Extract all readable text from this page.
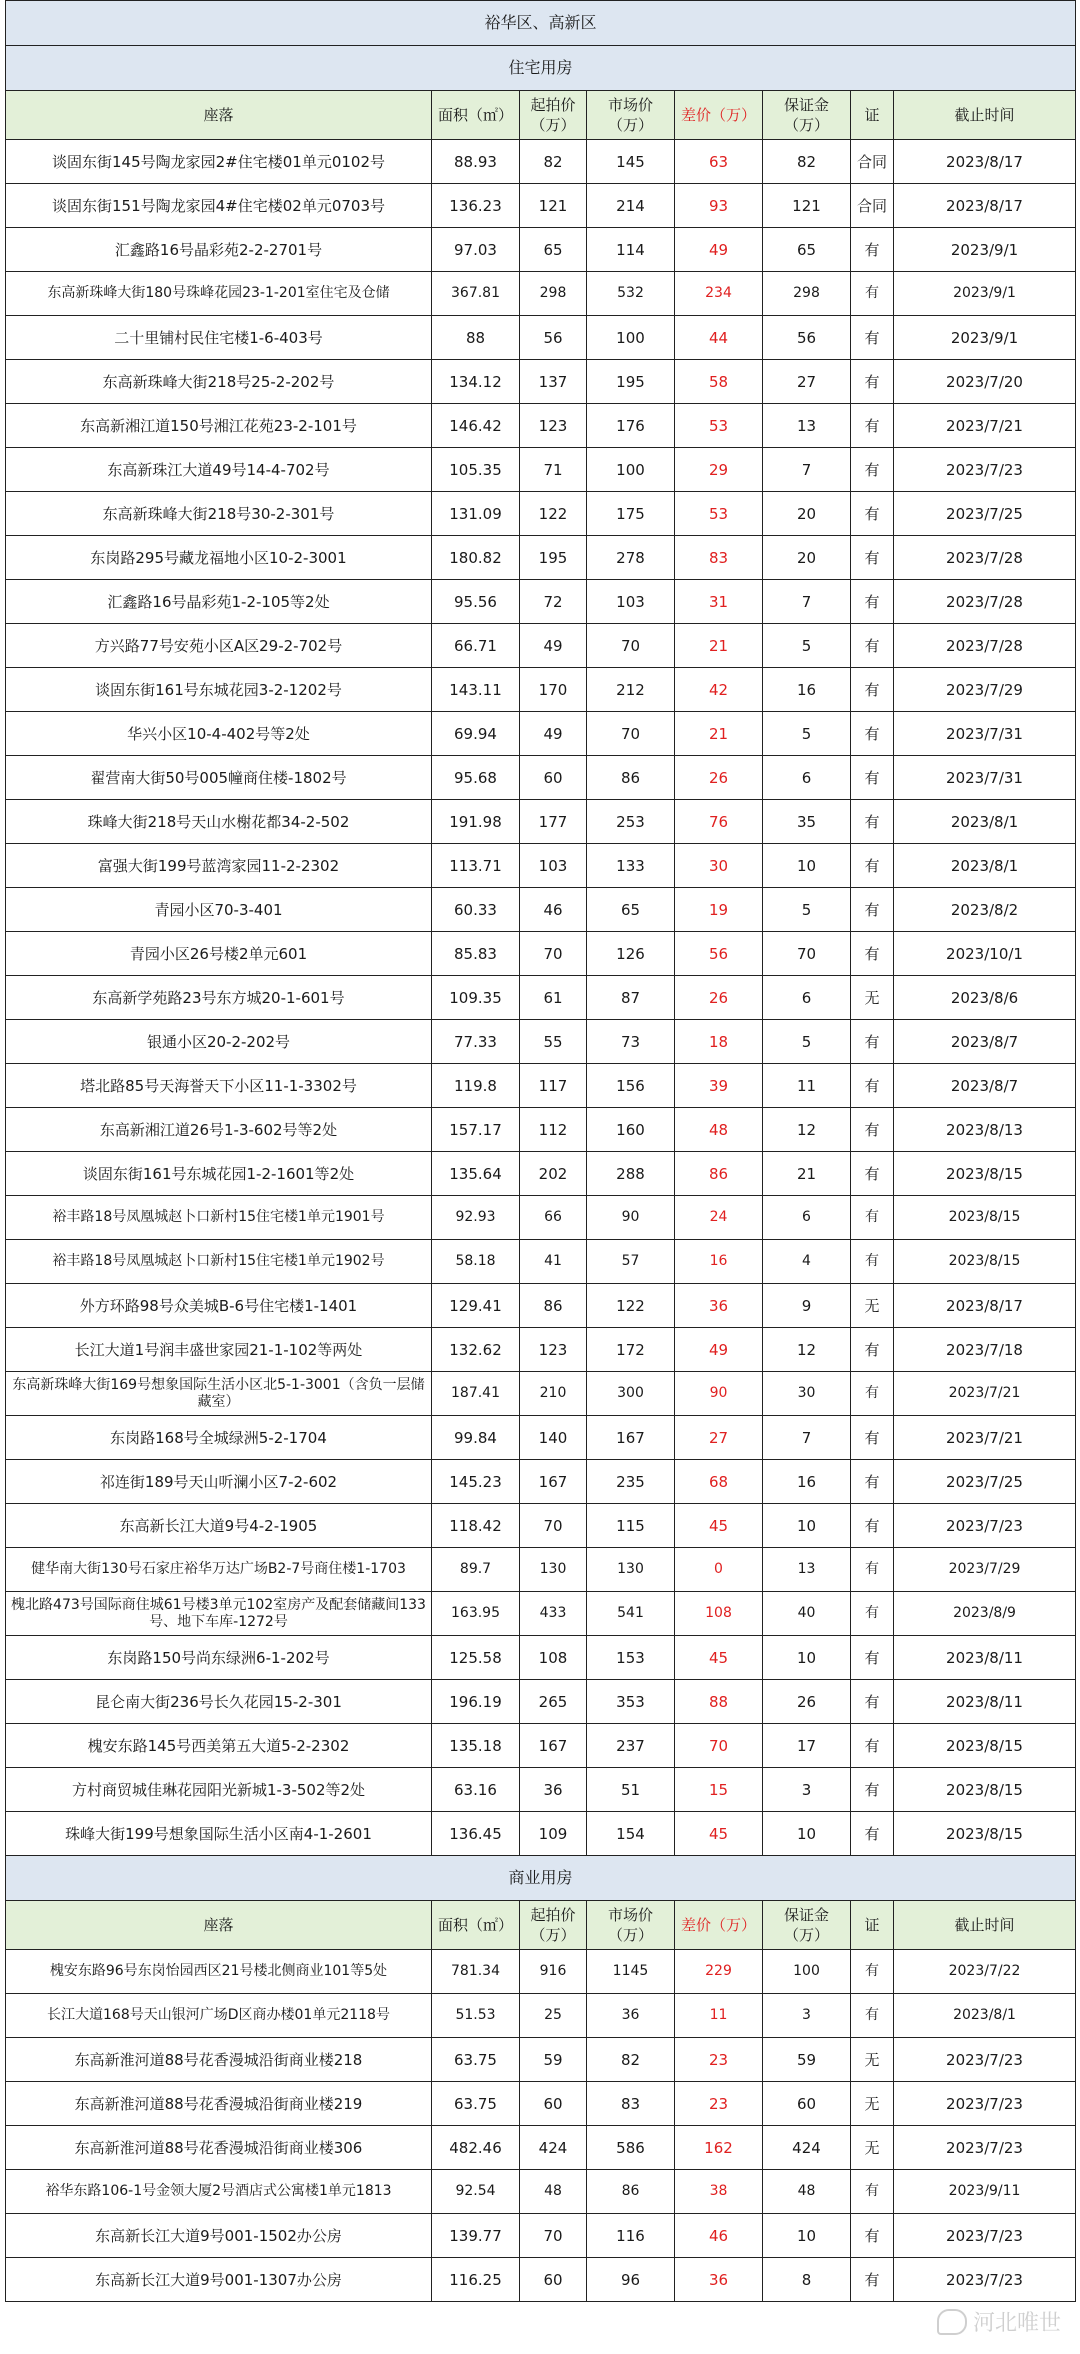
裕华区、高新区							
住宅用房							
座落	面积（㎡）	起拍价（万）	市场价（万）	差价（万）	保证金（万）	证	截止时间
谈固东街145号陶龙家园2#住宅楼01单元0102号	88.93	82	145	63	82	合同	2023/8/17
谈固东街151号陶龙家园4#住宅楼02单元0703号	136.23	121	214	93	121	合同	2023/8/17
汇鑫路16号晶彩苑2-2-2701号	97.03	65	114	49	65	有	2023/9/1
东高新珠峰大街180号珠峰花园23-1-201室住宅及仓储	367.81	298	532	234	298	有	2023/9/1
二十里铺村民住宅楼1-6-403号	88	56	100	44	56	有	2023/9/1
东高新珠峰大街218号25-2-202号	134.12	137	195	58	27	有	2023/7/20
东高新湘江道150号湘江花苑23-2-101号	146.42	123	176	53	13	有	2023/7/21
东高新珠江大道49号14-4-702号	105.35	71	100	29	7	有	2023/7/23
东高新珠峰大街218号30-2-301号	131.09	122	175	53	20	有	2023/7/25
东岗路295号藏龙福地小区10-2-3001	180.82	195	278	83	20	有	2023/7/28
汇鑫路16号晶彩苑1-2-105等2处	95.56	72	103	31	7	有	2023/7/28
方兴路77号安苑小区A区29-2-702号	66.71	49	70	21	5	有	2023/7/28
谈固东街161号东城花园3-2-1202号	143.11	170	212	42	16	有	2023/7/29
华兴小区10-4-402号等2处	69.94	49	70	21	5	有	2023/7/31
翟营南大街50号005幢商住楼-1802号	95.68	60	86	26	6	有	2023/7/31
珠峰大街218号天山水榭花都34-2-502	191.98	177	253	76	35	有	2023/8/1
富强大街199号蓝湾家园11-2-2302	113.71	103	133	30	10	有	2023/8/1
青园小区70-3-401	60.33	46	65	19	5	有	2023/8/2
青园小区26号楼2单元601	85.83	70	126	56	70	有	2023/10/1
东高新学苑路23号东方城20-1-601号	109.35	61	87	26	6	无	2023/8/6
银通小区20-2-202号	77.33	55	73	18	5	有	2023/8/7
塔北路85号天海誉天下小区11-1-3302号	119.8	117	156	39	11	有	2023/8/7
东高新湘江道26号1-3-602号等2处	157.17	112	160	48	12	有	2023/8/13
谈固东街161号东城花园1-2-1601等2处	135.64	202	288	86	21	有	2023/8/15
裕丰路18号凤凰城赵卜口新村15住宅楼1单元1901号	92.93	66	90	24	6	有	2023/8/15
裕丰路18号凤凰城赵卜口新村15住宅楼1单元1902号	58.18	41	57	16	4	有	2023/8/15
外方环路98号众美城B-6号住宅楼1-1401	129.41	86	122	36	9	无	2023/8/17
长江大道1号润丰盛世家园21-1-102等两处	132.62	123	172	49	12	有	2023/7/18
东高新珠峰大街169号想象国际生活小区北5-1-3001（含负一层储藏室）	187.41	210	300	90	30	有	2023/7/21
东岗路168号全城绿洲5-2-1704	99.84	140	167	27	7	有	2023/7/21
祁连街189号天山听澜小区7-2-602	145.23	167	235	68	16	有	2023/7/25
东高新长江大道9号4-2-1905	118.42	70	115	45	10	有	2023/7/23
健华南大街130号石家庄裕华万达广场B2-7号商住楼1-1703	89.7	130	130	0	13	有	2023/7/29
槐北路473号国际商住城61号楼3单元102室房产及配套储藏间133号、地下车库-1272号	163.95	433	541	108	40	有	2023/8/9
东岗路150号尚东绿洲6-1-202号	125.58	108	153	45	10	有	2023/8/11
昆仑南大街236号长久花园15-2-301	196.19	265	353	88	26	有	2023/8/11
槐安东路145号西美第五大道5-2-2302	135.18	167	237	70	17	有	2023/8/15
方村商贸城佳琳花园阳光新城1-3-502等2处	63.16	36	51	15	3	有	2023/8/15
珠峰大街199号想象国际生活小区南4-1-2601	136.45	109	154	45	10	有	2023/8/15
商业用房							
座落	面积（㎡）	起拍价（万）	市场价（万）	差价（万）	保证金（万）	证	截止时间
槐安东路96号东岗怡园西区21号楼北侧商业101等5处	781.34	916	1145	229	100	有	2023/7/22
长江大道168号天山银河广场D区商办楼01单元2118号	51.53	25	36	11	3	有	2023/8/1
东高新淮河道88号花香漫城沿街商业楼218	63.75	59	82	23	59	无	2023/7/23
东高新淮河道88号花香漫城沿街商业楼219	63.75	60	83	23	60	无	2023/7/23
东高新淮河道88号花香漫城沿街商业楼306	482.46	424	586	162	424	无	2023/7/23
裕华东路106-1号金领大厦2号酒店式公寓楼1单元1813	92.54	48	86	38	48	有	2023/9/11
东高新长江大道9号001-1502办公房	139.77	70	116	46	10	有	2023/7/23
东高新长江大道9号001-1307办公房	116.25	60	96	36	8	有	2023/7/23
河北唯世
